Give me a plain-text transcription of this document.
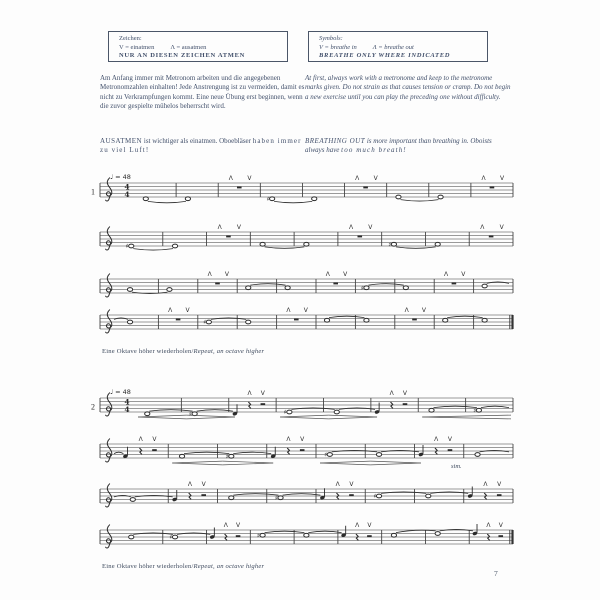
Zeichen:
V = einatmen Λ = ausatmen
NUR AN DIESEN ZEICHEN ATMEN
Symbols:
V = breathe in Λ = breathe out
BREATHE ONLY WHERE INDICATED
Am Anfang immer mit Metronom arbeiten und die angegebenen Metronomzahlen einhalten! Jede Anstrengung ist zu vermeiden, damit es nicht zu Verkrampfungen kommt. Eine neue Übung erst beginnen, wenn die zuvor gespielte mühelos beherrscht wird.
AUSATMEN ist wichtiger als einatmen. Oboebläser haben immer zu viel Luft!
At first, always work with a metronome and keep to the metronome marks given. Do not strain as that causes tension or cramp. Do not begin a new exercise until you can play the preceding one without difficulty.
BREATHING OUT is more important than breathing in. Oboists always have too much breath!
1
♩ = 48
4
4
Λ V
♯
Λ V	Λ V
♯
Λ	V	Λ	V
♯
Λ	V
Λ V	Λ V
♯
Λ V
Λ V
♯
Λ V	Λ V
2
♩ = 48
4
4
♯
Λ V
♯
Λ V
♯
Λ V
♯
Λ V
♯
Λ V
sim.
Λ V
♯
Λ V
♯
Λ V
♯
Λ V
♯
Λ V	Λ V
Eine Oktave höher wiederholen/Repeat, an octave higher
Eine Oktave höher wiederholen/Repeat, an octave higher
7
